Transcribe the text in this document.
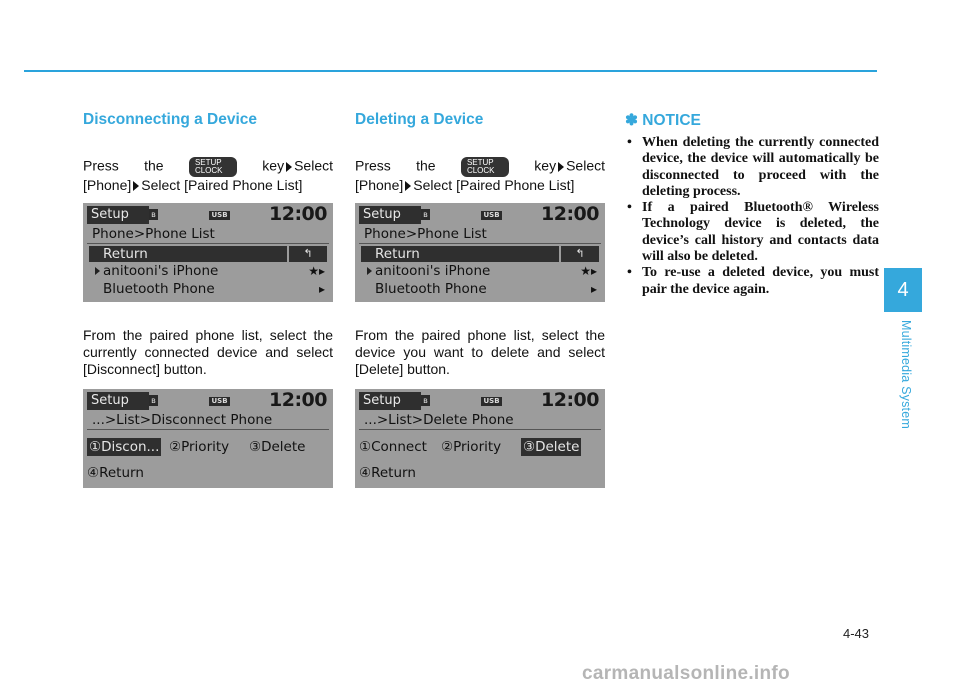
Disconnecting a Device
Press the	SETUP
CLOCK	key Select
[Phone] Select [Paired Phone List]
Setup	ʙ	USB 12:00
Phone>Phone List
Return	↰
anitooni's iPhone	★▸
Bluetooth Phone	▸
From the paired phone list, select the currently connected device and select [Disconnect] button.
Setup	ʙ	USB 12:00
...>List>Disconnect Phone
①Discon... ②Priority ③Delete
④Return
Deleting a Device
Press the	SETUP
CLOCK	key Select
[Phone] Select [Paired Phone List]
Setup	ʙ	USB 12:00
Phone>Phone List
Return	↰
anitooni's iPhone	★▸
Bluetooth Phone	▸
From the paired phone list, select the device you want to delete and select [Delete] button.
Setup	ʙ	USB 12:00
...>List>Delete Phone
①Connect ②Priority ③Delete
④Return
✽ NOTICE
• When deleting the currently connected device, the device will automatically be disconnected to proceed with the deleting process.
• If a paired Bluetooth® Wireless Technology device is deleted, the device’s call history and contacts data will also be deleted.
• To re-use a deleted device, you must pair the device again.	4
Multimedia System
4-43
carmanualsonline.info
